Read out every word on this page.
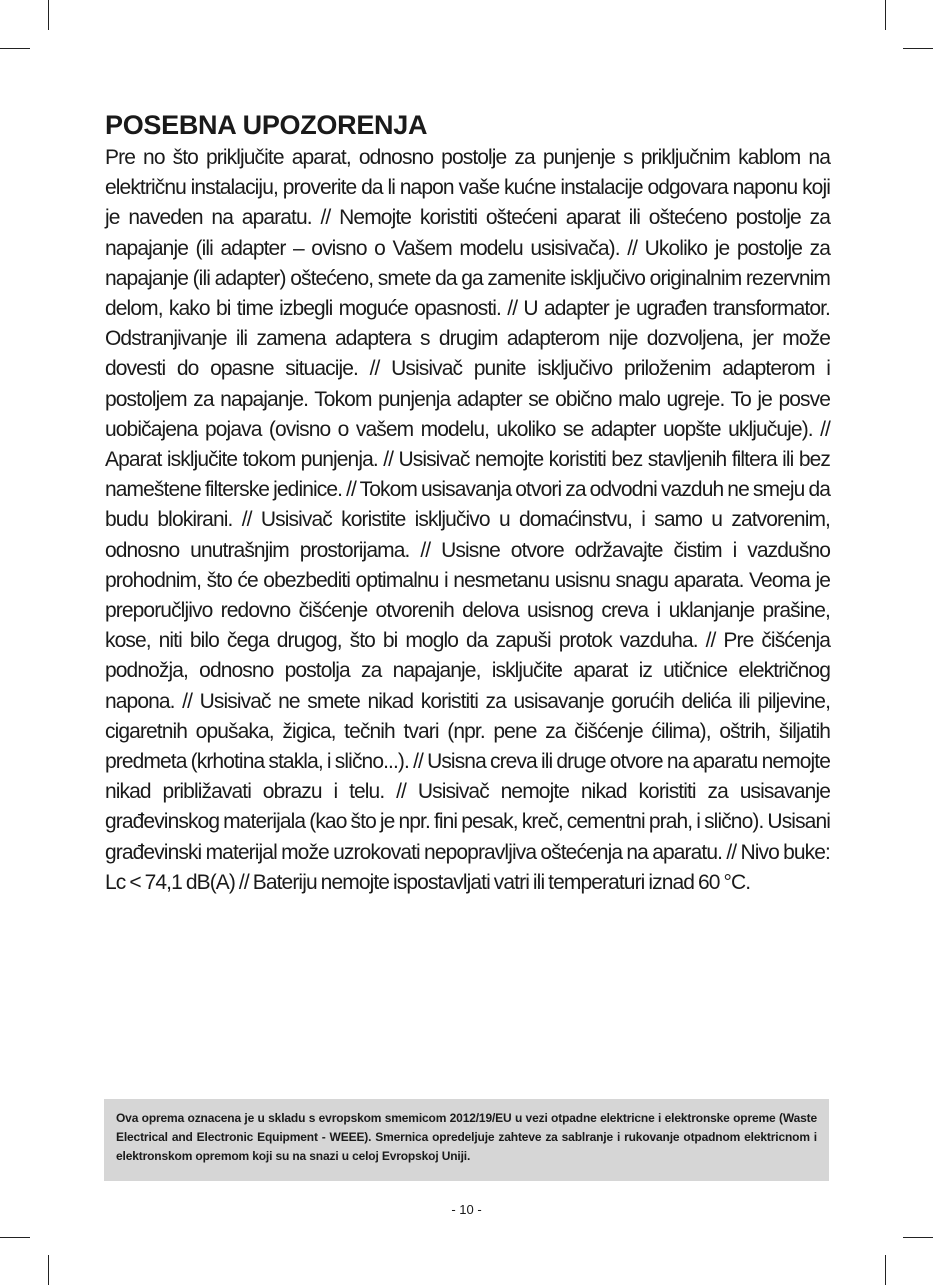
POSEBNA UPOZORENJA

Pre no što priključite aparat, odnosno postolje za punjenje s priključnim kablom na električnu instalaciju, proverite da li napon vaše kućne instalacije odgovara naponu koji je naveden na aparatu. // Nemojte koristiti oštećeni aparat ili oštećeno postolje za napajanje (ili adapter – ovisno o Vašem modelu usisivača). // Ukoliko je postolje za napajanje (ili adapter) oštećeno, smete da ga zamenite isključivo originalnim rezervnim delom, kako bi time izbegli moguće opasnosti. // U adapter je ugrađen transformator. Odstranjivanje ili zamena adaptera s drugim adapterom nije dozvoljena, jer može dovesti do opasne situacije. // Usisivač punite isključivo priloženim adapterom i postoljem za napajanje. Tokom punjenja adapter se obično malo ugreje. To je posve uobičajena pojava (ovisno o vašem modelu, ukoliko se adapter uopšte uključuje). // Aparat isključite tokom punjenja. // Usisivač nemojte koristiti bez stavljenih filtera ili bez nameštene filterske jedinice. // Tokom usisavanja otvori za odvodni vazduh ne smeju da budu blokirani. // Usisivač koristite isključivo u domaćinstvu, i samo u zatvorenim, odnosno unutrašnjim prostorijama. // Usisne otvore održavajte čistim i vazdušno prohodnim, što će obezbediti optimalnu i nesmetanu usisnu snagu aparata. Veoma je preporučljivo redovno čišćenje otvorenih delova usisnog creva i uklanjanje prašine, kose, niti bilo čega drugog, što bi moglo da zapuši protok vazduha. // Pre čišćenja podnožja, odnosno postolja za napajanje, isključite aparat iz utičnice električnog napona. // Usisivač ne smete nikad koristiti za usisavanje gorućih delića ili piljevine, cigaretnih opušaka, žigica, tečnih tvari (npr. pene za čišćenje ćilima), oštrih, šiljatih predmeta (krhotina stakla, i slično...). // Usisna creva ili druge otvore na aparatu nemojte nikad približavati obrazu i telu. // Usisivač nemojte nikad koristiti za usisavanje građevinskog materijala (kao što je npr. fini pesak, kreč, cementni prah, i slično). Usisani građevinski materijal može uzrokovati nepopravljiva oštećenja na aparatu. // Nivo buke: Lc < 74,1 dB(A) // Bateriju nemojte ispostavljati vatri ili temperaturi iznad 60 °C.

Ova oprema oznacena je u skladu s evropskom smemicom 2012/19/EU u vezi otpadne elektricne i elektronske opreme (Waste Electrical and Electronic Equipment - WEEE). Smernica opredeljuje zahteve za sablranje i rukovanje otpadnom elektricnom i elektronskom opremom koji su na snazi u celoj Evropskoj Uniji.

- 10 -
